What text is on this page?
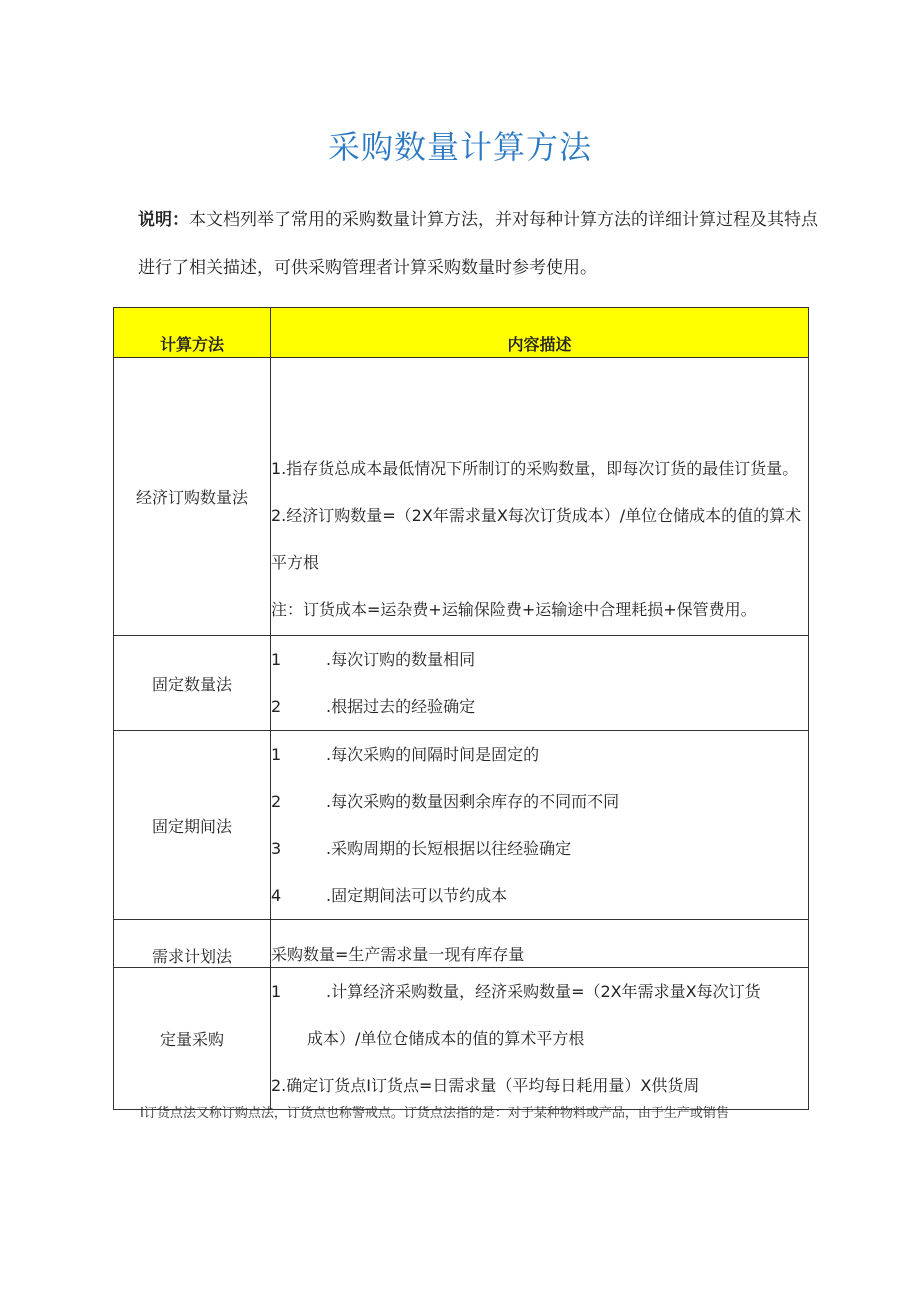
采购数量计算方法
说明：本文档列举了常用的采购数量计算方法，并对每种计算方法的详细计算过程及其特点进行了相关描述，可供采购管理者计算采购数量时参考使用。
计算方法	内容描述
经济订购数量法	1.指存货总成本最低情况下所制订的采购数量，即每次订货的最佳订货量。
2.经济订购数量=（2X年需求量X每次订货成本）/单位仓储成本的值的算术平方根
注：订货成本=运杂费+运输保险费+运输途中合理耗损+保管费用。

固定数量法	1 .每次订购的数量相同
2 .根据过去的经验确定

固定期间法	1 .每次采购的间隔时间是固定的
2 .每次采购的数量因剩余库存的不同而不同
3 .采购周期的长短根据以往经验确定
4 .固定期间法可以节约成本

需求计划法	采购数量=生产需求量一现有库存量

定量采购	1 .计算经济采购数量，经济采购数量=（2X年需求量X每次订货
成本）/单位仓储成本的值的算术平方根
2.确定订货点I订货点=日需求量（平均每日耗用量）X供货周
I订货点法又称订购点法，订货点也称警戒点。订货点法指的是：对于某种物料或产品，由于生产或销售
